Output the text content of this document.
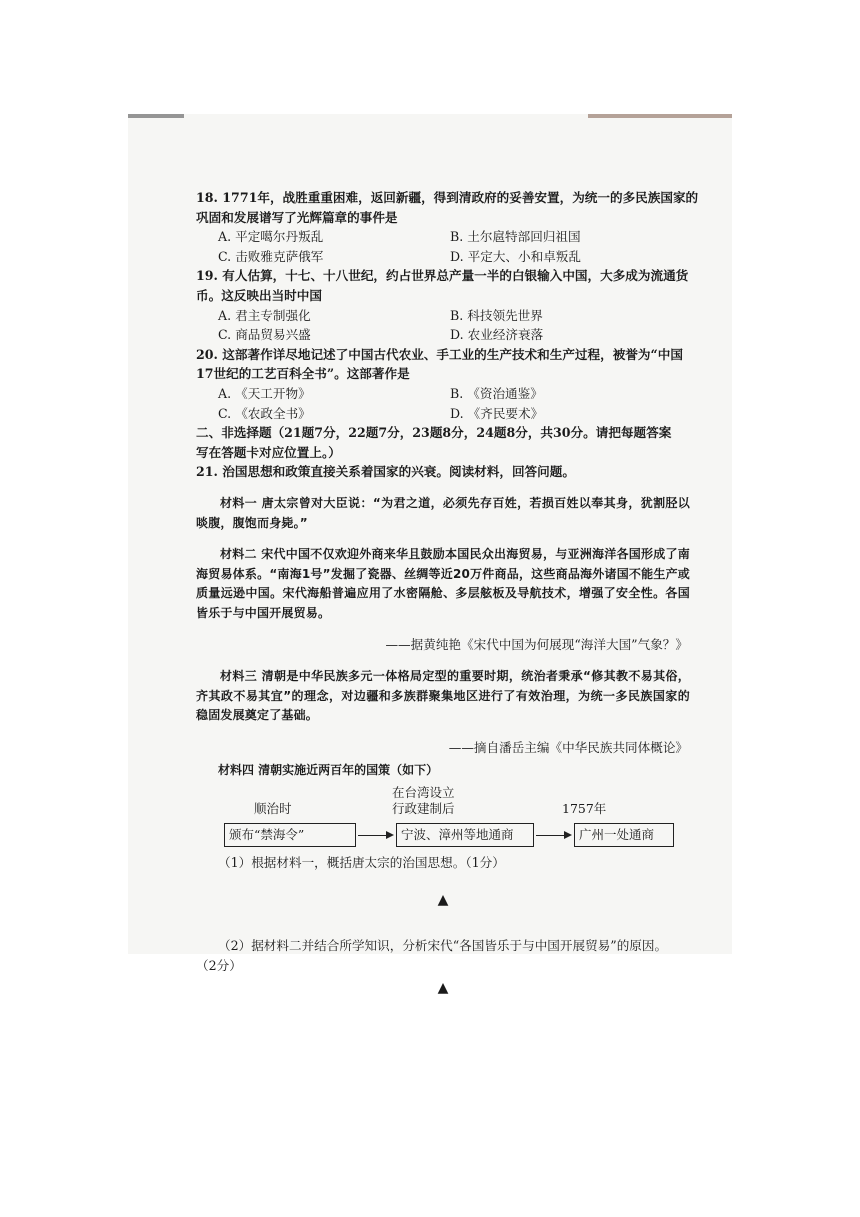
18. 1771年，战胜重重困难，返回新疆，得到清政府的妥善安置，为统一的多民族国家的

巩固和发展谱写了光辉篇章的事件是

A. 平定噶尔丹叛乱	B. 土尔扈特部回归祖国
C. 击败雅克萨俄军	D. 平定大、小和卓叛乱

19. 有人估算，十七、十八世纪，约占世界总产量一半的白银输入中国，大多成为流通货

币。这反映出当时中国

A. 君主专制强化	B. 科技领先世界
C. 商品贸易兴盛	D. 农业经济衰落

20. 这部著作详尽地记述了中国古代农业、手工业的生产技术和生产过程，被誉为“中国

17世纪的工艺百科全书”。这部著作是

A. 《天工开物》	B. 《资治通鉴》
C. 《农政全书》	D. 《齐民要术》

二、非选择题（21题7分，22题7分，23题8分，24题8分，共30分。请把每题答案

写在答题卡对应位置上。）

21. 治国思想和政策直接关系着国家的兴衰。阅读材料，回答问题。

材料一 唐太宗曾对大臣说：“为君之道，必须先存百姓，若损百姓以奉其身，犹割胫以啖腹，腹饱而身毙。”

材料二 宋代中国不仅欢迎外商来华且鼓励本国民众出海贸易，与亚洲海洋各国形成了南海贸易体系。“南海1号”发掘了瓷器、丝绸等近20万件商品，这些商品海外诸国不能生产或质量远逊中国。宋代海船普遍应用了水密隔舱、多层舷板及导航技术，增强了安全性。各国皆乐于与中国开展贸易。

——据黄纯艳《宋代中国为何展现“海洋大国”气象？》

材料三 清朝是中华民族多元一体格局定型的重要时期，统治者秉承“修其教不易其俗，齐其政不易其宜”的理念，对边疆和多族群聚集地区进行了有效治理，为统一多民族国家的稳固发展奠定了基础。

——摘自潘岳主编《中华民族共同体概论》

材料四 清朝实施近两百年的国策（如下）

顺治时
在台湾设立
行政建制后	1757年
颁布“禁海令”	宁波、漳州等地通商	广州一处通商

（1）根据材料一，概括唐太宗的治国思想。（1分）

▲

（2）据材料二并结合所学知识，分析宋代“各国皆乐于与中国开展贸易”的原因。

（2分）

▲
